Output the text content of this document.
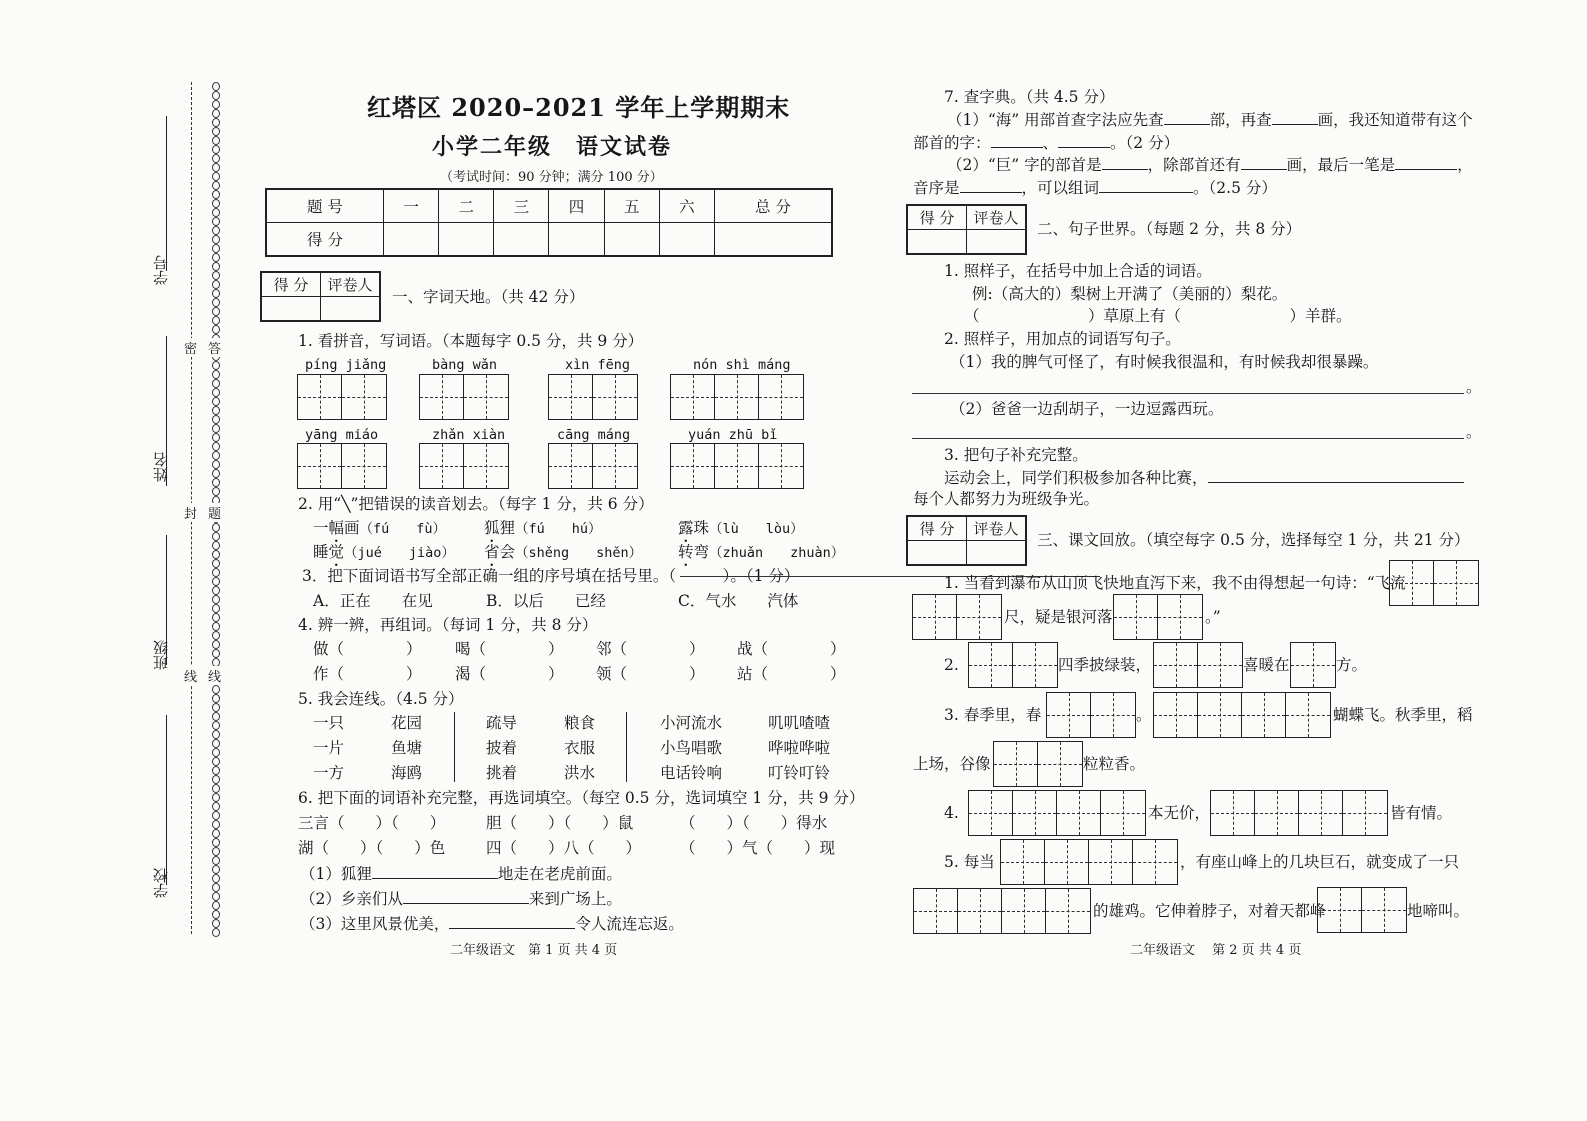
学号
姓名
班级
学校
密
封
线
答
题
线
红塔区 2020–2021 学年上学期期末
小学二年级　语文试卷
（考试时间：90 分钟；满分 100 分）
题 号	一	二	三	四	五	六	总 分
得 分							
得 分	评卷人

一、字词天地。（共 42 分）
1. 看拼音，写词语。（本题每字 0.5 分，共 9 分）
píng jiǎng	bàng wǎn	xìn fēng	nón shì máng
yāng miáo	zhǎn xiàn	cāng máng	yuán zhū bǐ
2. 用“╲”把错误的读音划去。（每字 1 分，共 6 分）
一幅画（fú　　fù） 狐狸（fú　　hú）	露珠（lù　　lòu）
睡觉（jué　　jiào） 省会（shěng　　shěn） 转弯（zhuǎn　　zhuàn）
3．把下面词语书写全部正确一组的序号填在括号里。（　　　）。（1 分）
A．正在　　在见	B．以后　　已经	C．气水　　汽体
4. 辨一辨，再组词。（每词 1 分，共 8 分）
做（　　　　） 喝（　　　　） 邻（　　　　） 战（　　　　）
作（　　　　） 渴（　　　　） 领（　　　　） 站（　　　　）
5. 我会连线。（4.5 分）
一只	花园	疏导	粮食	小河流水	叽叽喳喳
一片	鱼塘	披着	衣服	小鸟唱歌	哗啦哗啦
一方	海鸥	挑着	洪水	电话铃响	叮铃叮铃
6. 把下面的词语补充完整，再选词填空。（每空 0.5 分，选词填空 1 分，共 9 分）
三言（　　）（　　）	胆（　　）（　　）鼠	（　　）（　　）得水
湖（　　）（　　）色	四（　　）八（　　）	（　　）气（　　）现
（1）狐狸	地走在老虎前面。
（2）乡亲们从	来到广场上。
（3）这里风景优美，	令人流连忘返。
二年级语文　第 1 页 共 4 页
7. 查字典。（共 4.5 分）
（1）“海” 用部首查字法应先查	部，再查	画，我还知道带有这个
部首的字：	、	。（2 分）
（2）“巨” 字的部首是	，除部首还有	画，最后一笔是	，
音序是	，可以组词	。（2.5 分）
得 分	评卷人

二、句子世界。（每题 2 分，共 8 分）
1. 照样子，在括号中加上合适的词语。
例:（高大的）梨树上开满了（美丽的）梨花。
（　　　　　　　）草原上有（　　　　　　　）羊群。
2. 照样子，用加点的词语写句子。
（1）我的脾气可怪了，有时候我很温和，有时候我却很暴躁。
。
（2）爸爸一边刮胡子，一边逗露西玩。
。
3. 把句子补充完整。
运动会上，同学们积极参加各种比赛，
每个人都努力为班级争光。
得 分	评卷人

三、课文回放。（填空每字 0.5 分，选择每空 1 分，共 21 分）
1. 当看到瀑布从山顶飞快地直泻下来，我不由得想起一句诗：“飞流
尺，疑是银河落	。”
2.	四季披绿装，	喜暖在	方。
3. 春季里，春	。	蝴蝶飞。秋季里，稻
上场，谷像	粒粒香。
4.	本无价，	皆有情。
5. 每当	，有座山峰上的几块巨石，就变成了一只
的雄鸡。它伸着脖子，对着天都峰	地啼叫。
二年级语文　 第 2 页 共 4 页
